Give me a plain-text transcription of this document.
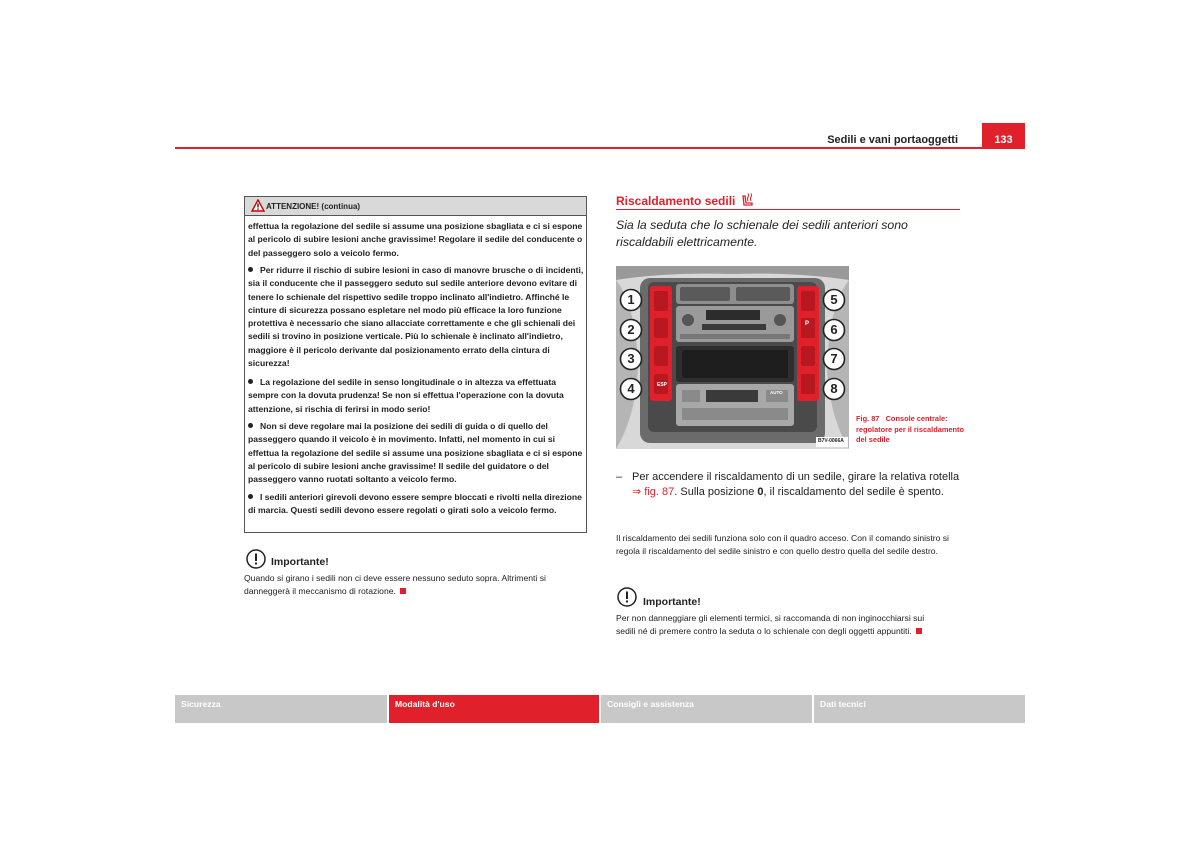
Sedili e vani portaoggetti	133
ATTENZIONE! (continua)

effettua la regolazione del sedile si assume una posizione sbagliata e ci si espone al pericolo di subire lesioni anche gravissime! Regolare il sedile del conducente o del passeggero solo a veicolo fermo.

Per ridurre il rischio di subire lesioni in caso di manovre brusche o di incidenti, sia il conducente che il passeggero seduto sul sedile anteriore devono evitare di tenere lo schienale del rispettivo sedile troppo inclinato all'indietro. Affinché le cinture di sicurezza possano espletare nel modo più efficace la loro funzione protettiva è necessario che siano allacciate correttamente e che gli schienali dei sedili si trovino in posizione verticale. Più lo schienale è inclinato all'indietro, maggiore è il pericolo derivante dal posizionamento errato della cintura di sicurezza!

La regolazione del sedile in senso longitudinale o in altezza va effettuata sempre con la dovuta prudenza! Se non si effettua l'operazione con la dovuta attenzione, si rischia di ferirsi in modo serio!

Non si deve regolare mai la posizione dei sedili di guida o di quello del passeggero quando il veicolo è in movimento. Infatti, nel momento in cui si effettua la regolazione del sedile si assume una posizione sbagliata e ci si espone al pericolo di subire lesioni anche gravissime! Il sedile del guidatore o del passeggero vanno ruotati soltanto a veicolo fermo.

I sedili anteriori girevoli devono essere sempre bloccati e rivolti nella direzione di marcia. Questi sedili devono essere regolati o girati solo a veicolo fermo.

Importante!

Quando si girano i sedili non ci deve essere nessuno seduto sopra. Altrimenti si danneggerà il meccanismo di rotazione.

Riscaldamento sedili

Sia la seduta che lo schienale dei sedili anteriori sono riscaldabili elettricamente.

ESP
P
AUTO
1
2
3
4
5
6
7
8
B7V-0066A

Fig. 87 Console centrale: regolatore per il riscaldamento del sedile

– Per accendere il riscaldamento di un sedile, girare la relativa rotella ⇒ fig. 87. Sulla posizione 0, il riscaldamento del sedile è spento.

Il riscaldamento dei sedili funziona solo con il quadro acceso. Con il comando sinistro si regola il riscaldamento del sedile sinistro e con quello destro quella del sedile destro.

Importante!

Per non danneggiare gli elementi termici, si raccomanda di non inginocchiarsi sui sedili né di premere contro la seduta o lo schienale con degli oggetti appuntiti.

Sicurezza	Modalità d'uso	Consigli e assistenza	Dati tecnici
